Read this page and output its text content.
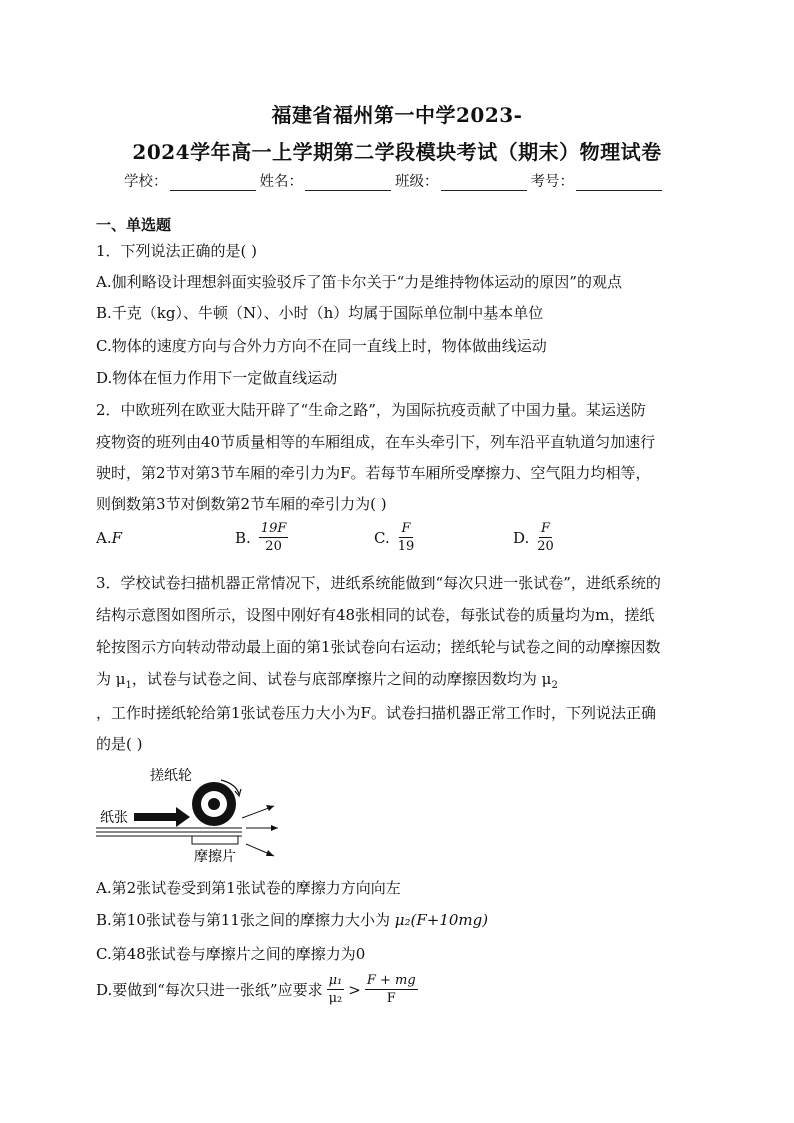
福建省福州第一中学2023-
2024学年高一上学期第二学段模块考试（期末）物理试卷
学校：	姓名：	班级：	考号：
一、单选题
1．下列说法正确的是( )
A.伽利略设计理想斜面实验驳斥了笛卡尔关于“力是维持物体运动的原因”的观点
B.千克（kg）、牛顿（N）、小时（h）均属于国际单位制中基本单位
C.物体的速度方向与合外力方向不在同一直线上时，物体做曲线运动
D.物体在恒力作用下一定做直线运动
2．中欧班列在欧亚大陆开辟了“生命之路”，为国际抗疫贡献了中国力量。某运送防
疫物资的班列由40节质量相等的车厢组成，在车头牵引下，列车沿平直轨道匀加速行
驶时，第2节对第3节车厢的牵引力为F。若每节车厢所受摩擦力、空气阻力均相等，
则倒数第3节对倒数第2节车厢的牵引力为( )
A. F	B. $\frac{19F}{20}$	C. $\frac{F}{19}$	D. $\frac{F}{20}$
3．学校试卷扫描机器正常情况下，进纸系统能做到“每次只进一张试卷”，进纸系统的
结构示意图如图所示，设图中刚好有48张相同的试卷，每张试卷的质量均为m，搓纸
轮按图示方向转动带动最上面的第1张试卷向右运动；搓纸轮与试卷之间的动摩擦因数
为 $\mu_1$，试卷与试卷之间、试卷与底部摩擦片之间的动摩擦因数均为 $\mu_2$
，工作时搓纸轮给第1张试卷压力大小为F。试卷扫描机器正常工作时，下列说法正确
的是( )
搓纸轮
纸张
摩擦片
A.第2张试卷受到第1张试卷的摩擦力方向向左
B.第10张试卷与第11张之间的摩擦力大小为 μ₂(F+10mg)
C.第48张试卷与摩擦片之间的摩擦力为0
D.要做到“每次只进一张纸”应要求 $\frac{\text{μ₁}}{\text{μ₂}} > \frac{F + mg}{F}$
